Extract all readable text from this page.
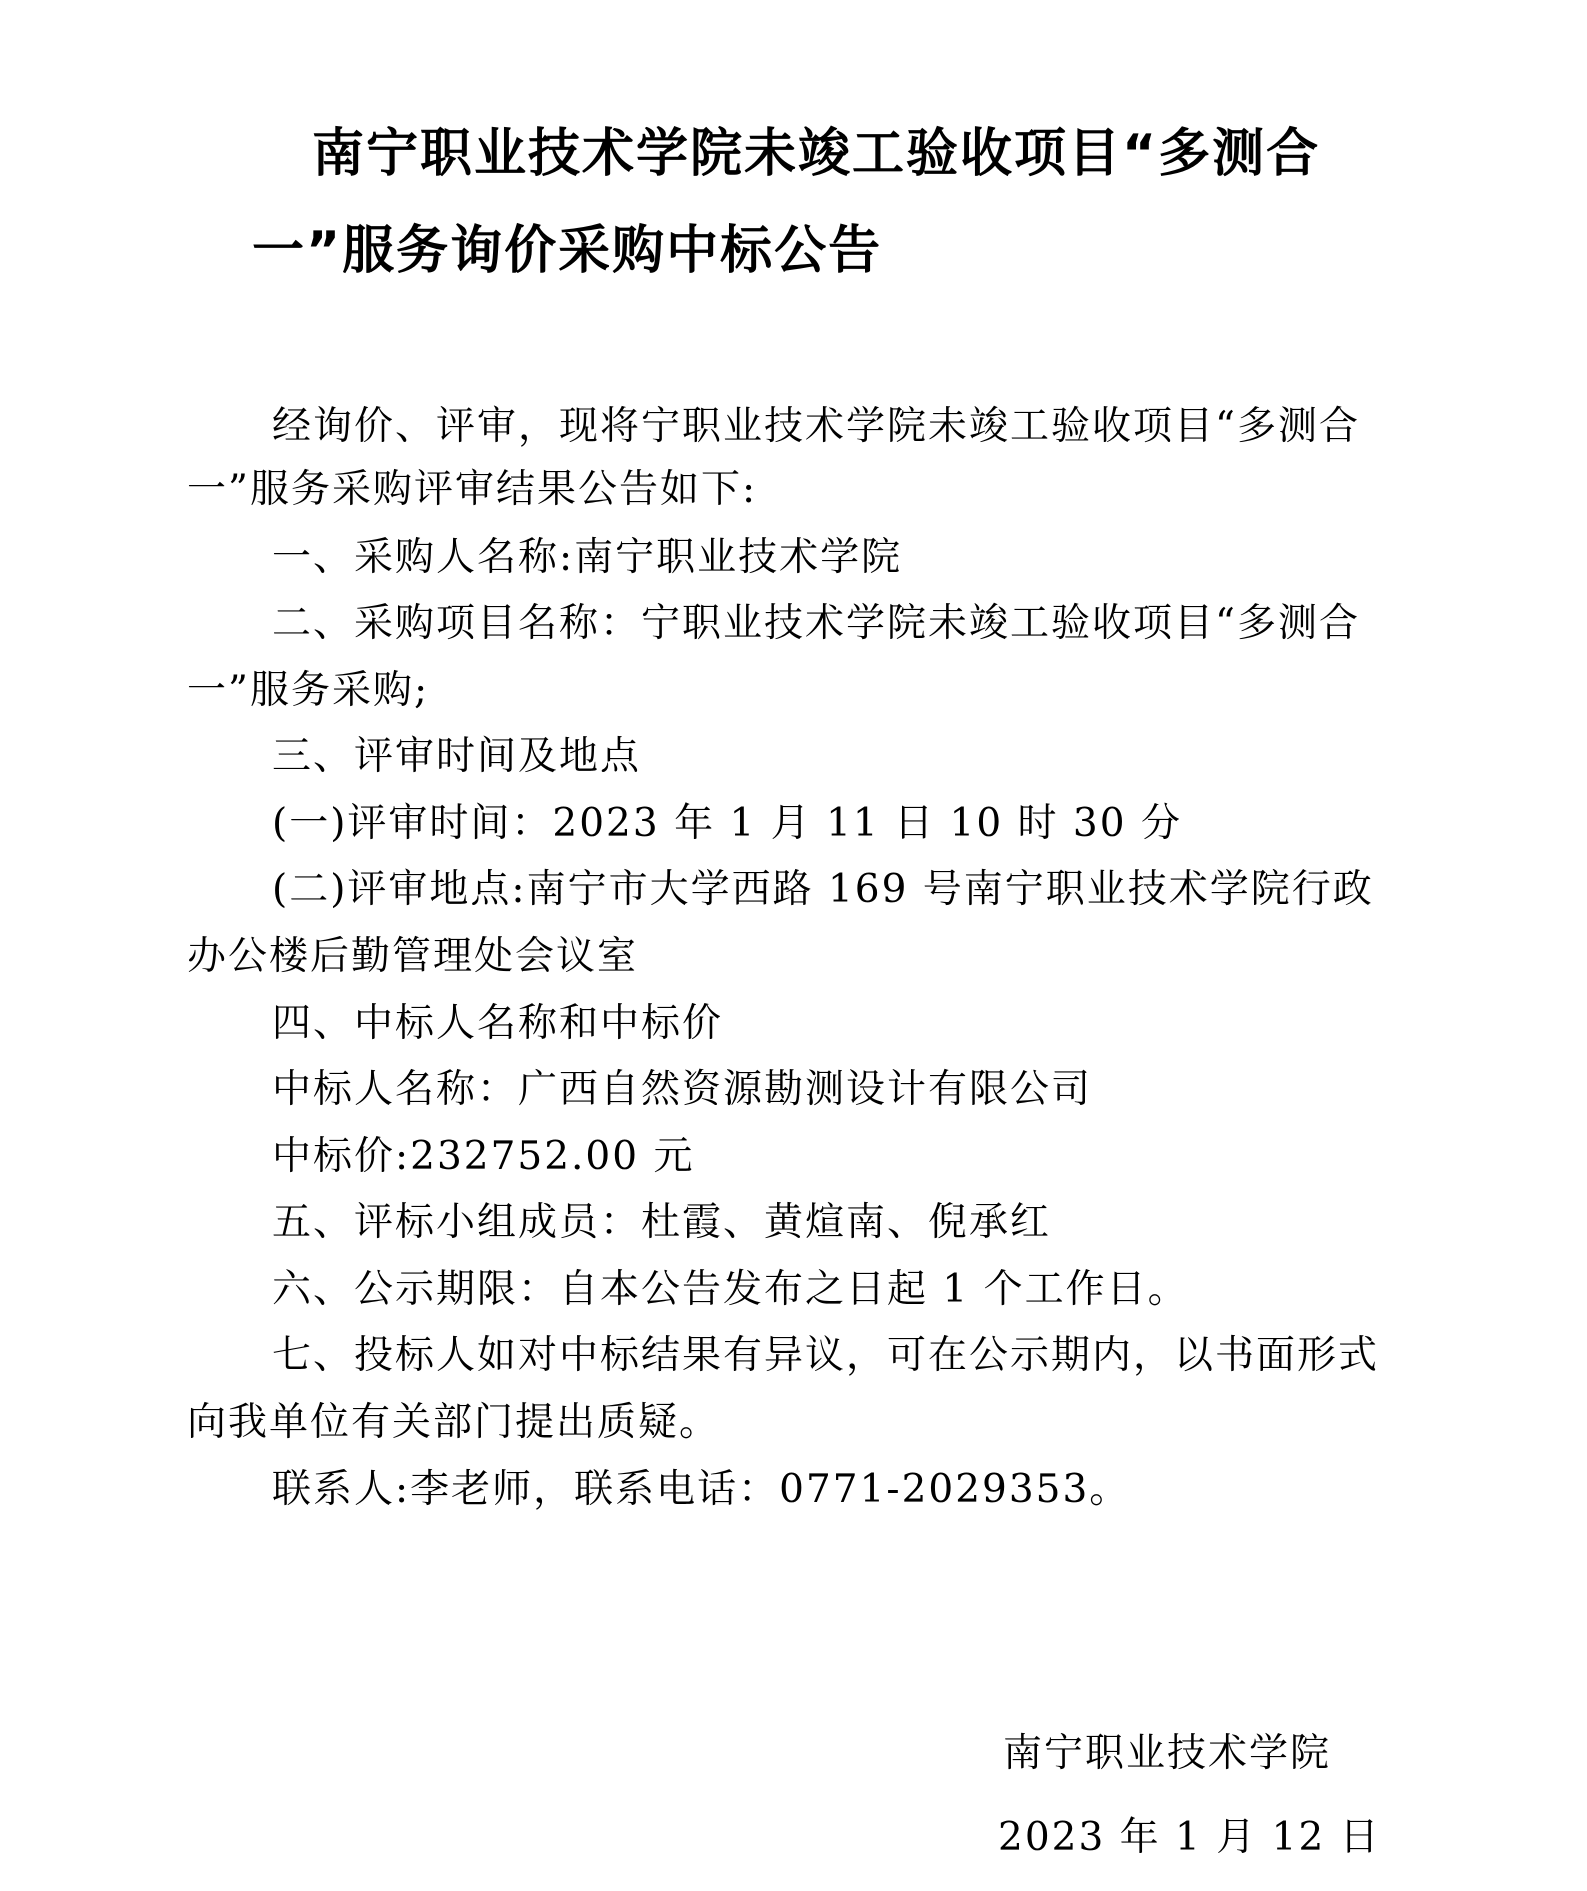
南宁职业技术学院未竣工验收项目“多测合
一”服务询价采购中标公告
经询价、评审，现将宁职业技术学院未竣工验收项目“多测合
一”服务采购评审结果公告如下:
一、采购人名称:南宁职业技术学院
二、采购项目名称：宁职业技术学院未竣工验收项目“多测合
一”服务采购;
三、评审时间及地点
(一)评审时间：2023 年 1 月 11 日 10 时 30 分
(二)评审地点:南宁市大学西路 169 号南宁职业技术学院行政
办公楼后勤管理处会议室
四、中标人名称和中标价
中标人名称：广西自然资源勘测设计有限公司
中标价:232752.00 元
五、评标小组成员：杜霞、黄煊南、倪承红
六、公示期限：自本公告发布之日起 1 个工作日。
七、投标人如对中标结果有异议，可在公示期内，以书面形式
向我单位有关部门提出质疑。
联系人:李老师，联系电话：0771-2029353。
南宁职业技术学院
2023 年 1 月 12 日
